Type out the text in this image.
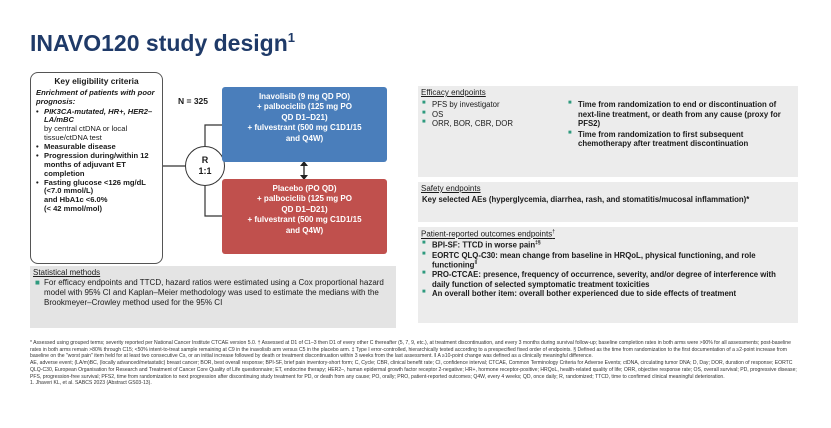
INAVO120 study design$^1$
Key eligibility criteria
Enrichment of patients with poor prognosis:
• PIK3CA-mutated, HR+, HER2– LA/mBC
by central ctDNA or local tissue/ctDNA test
• Measurable disease
• Progression during/within 12 months of adjuvant ET completion
• Fasting glucose <126 mg/dL (<7.0 mmol/L)
and HbA1c <6.0%
(< 42 mmol/mol)
N = 325
R
1:1
Inavolisib (9 mg QD PO)
+ palbociclib (125 mg PO
QD D1–D21)
+ fulvestrant (500 mg C1D1/15
and Q4W)
Placebo (PO QD)
+ palbociclib (125 mg PO
QD D1–D21)
+ fulvestrant (500 mg C1D1/15
and Q4W)
Statistical methods
■ For efficacy endpoints and TTCD, hazard ratios were estimated using a Cox proportional hazard model with 95% CI and Kaplan–Meier methodology was used to estimate the medians with the Brookmeyer–Crowley method used for the 95% CI
Efficacy endpoints
■ PFS by investigator
■ OS
■ ORR, BOR, CBR, DOR
■ Time from randomization to end or discontinuation of next-line treatment, or death from any cause (proxy for PFS2)
■ Time from randomization to first subsequent chemotherapy after treatment discontinuation
Safety endpoints
Key selected AEs (hyperglycemia, diarrhea, rash, and stomatitis/mucosal inflammation)*
Patient-reported outcomes endpoints†
■ BPI-SF: TTCD in worse pain‡§
■ EORTC QLQ-C30: mean change from baseline in HRQoL, physical functioning, and role functioning‖
■ PRO-CTCAE: presence, frequency of occurrence, severity, and/or degree of interference with daily function of selected symptomatic treatment toxicities
■ An overall bother item: overall bother experienced due to side effects of treatment
* Assessed using grouped terms; severity reported per National Cancer Institute CTCAE version 5.0. † Assessed at D1 of C1–3 then D1 of every other C thereafter (5, 7, 9, etc.), at treatment discontinuation, and every 3 months during survival follow-up; baseline completion rates in both arms were >90% for all assessments; post-baseline rates in both arms remain >80% through C15; <50% intent-to-treat sample remaining at C9 in the inavolisib arm versus C5 in the placebo arm. ‡ Type I error-controlled, hierarchically tested according to a prespecified fixed order of endpoints. § Defined as the time from randomization to the first documentation of a ≥2-point increase from baseline on the "worst pain" item held for at least two consecutive Cs, or an initial increase followed by death or treatment discontinuation within 3 weeks from the last assessment. ‖ A ≥10-point change was defined as a clinically meaningful difference.
AE, adverse event; (LA/m)BC, (locally advanced/metastatic) breast cancer; BOR, best overall response; BPI-SF, brief pain inventory-short form; C, Cycle; CBR, clinical benefit rate; CI, confidence interval; CTCAE, Common Terminology Criteria for Adverse Events; ctDNA, circulating tumor DNA; D, Day; DOR, duration of response; EORTC QLQ-C30, European Organisation for Research and Treatment of Cancer Core Quality of Life questionnaire; ET, endocrine therapy; HER2–, human epidermal growth factor receptor 2-negative; HR+, hormone receptor-positive; HRQoL, health-related quality of life; ORR, objective response rate; OS, overall survival; PD, progressive disease; PFS, progression-free survival; PFS2, time from randomization to next progression after discontinuing study treatment for PD, or death from any cause; PO, orally; PRO, patient-reported outcomes; Q4W, every 4 weeks; QD, once daily; R, randomized; TTCD, time to confirmed clinical meaningful deterioration.
1. Jhaveri KL, et al. SABCS 2023 (Abstract GS03-13).
